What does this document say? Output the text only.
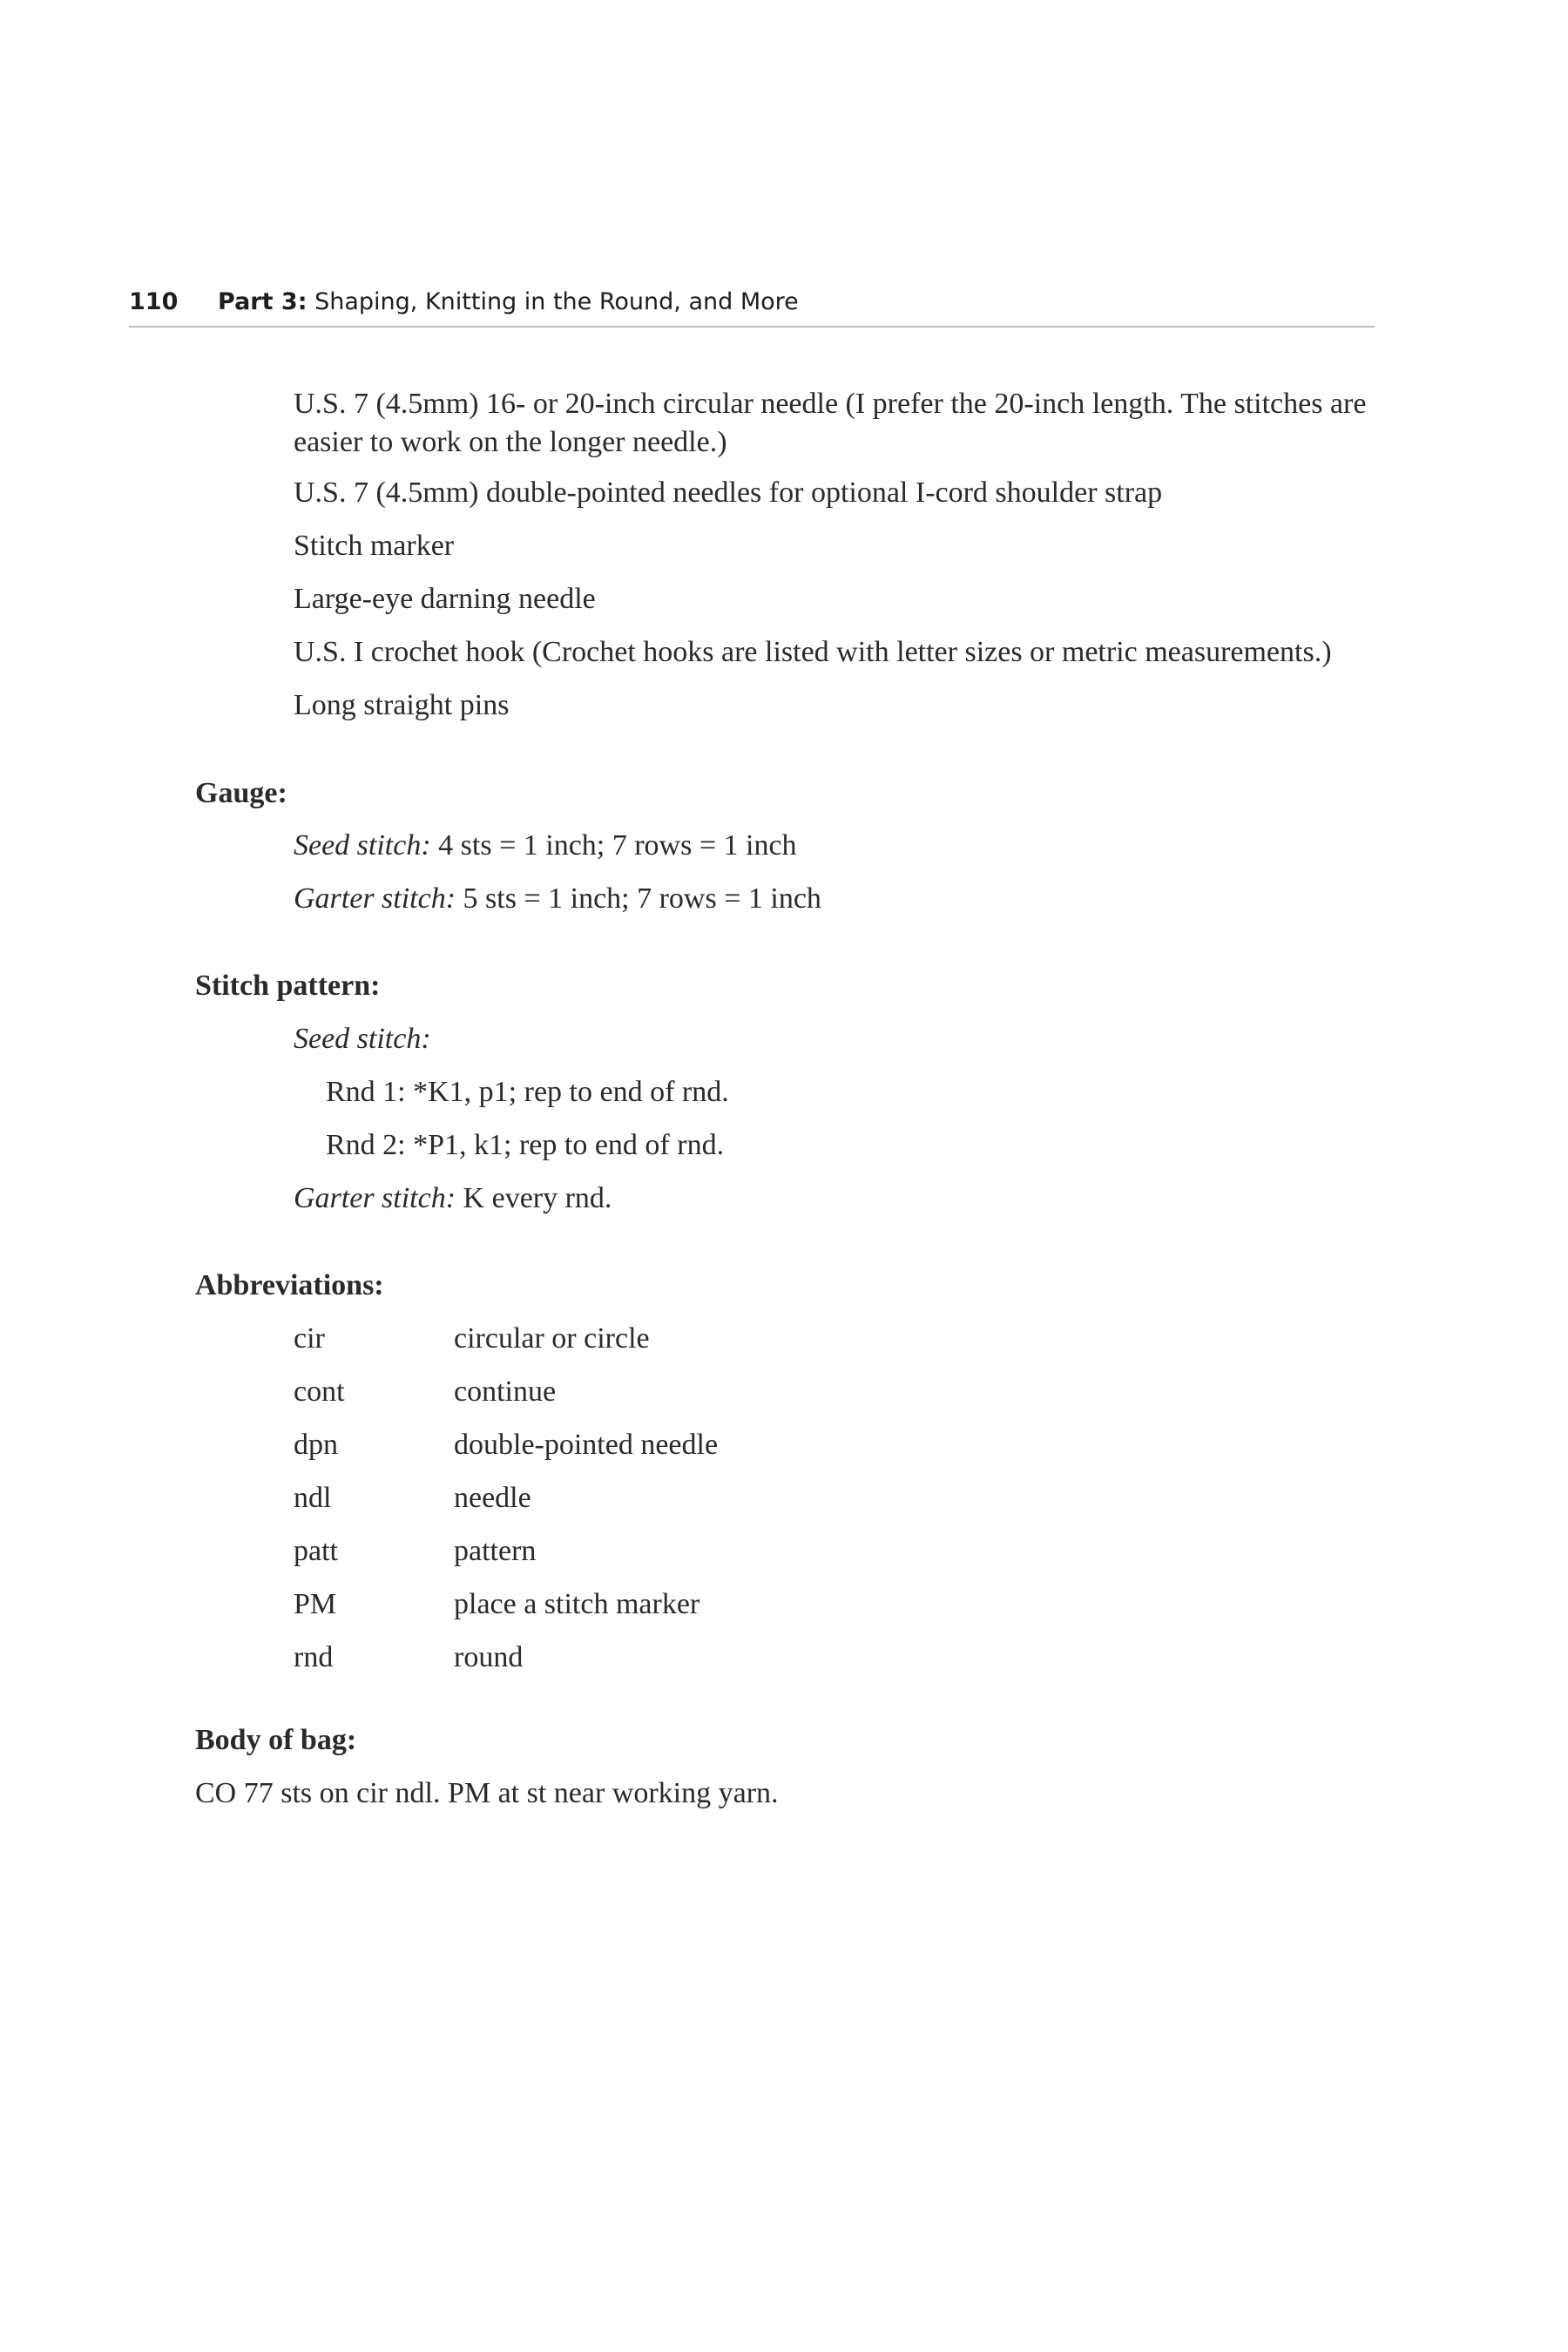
110 Part 3: Shaping, Knitting in the Round, and More
U.S. 7 (4.5mm) 16- or 20-inch circular needle (I prefer the 20-inch length. The stitches are easier to work on the longer needle.)
U.S. 7 (4.5mm) double-pointed needles for optional I-cord shoulder strap
Stitch marker
Large-eye darning needle
U.S. I crochet hook (Crochet hooks are listed with letter sizes or metric measurements.)
Long straight pins
Gauge:
Seed stitch: 4 sts = 1 inch; 7 rows = 1 inch
Garter stitch: 5 sts = 1 inch; 7 rows = 1 inch
Stitch pattern:
Seed stitch:
Rnd 1: *K1, p1; rep to end of rnd.
Rnd 2: *P1, k1; rep to end of rnd.
Garter stitch: K every rnd.
Abbreviations:
cir	circular or circle
cont	continue
dpn	double-pointed needle
ndl	needle
patt	pattern
PM	place a stitch marker
rnd	round
Body of bag:
CO 77 sts on cir ndl. PM at st near working yarn.
